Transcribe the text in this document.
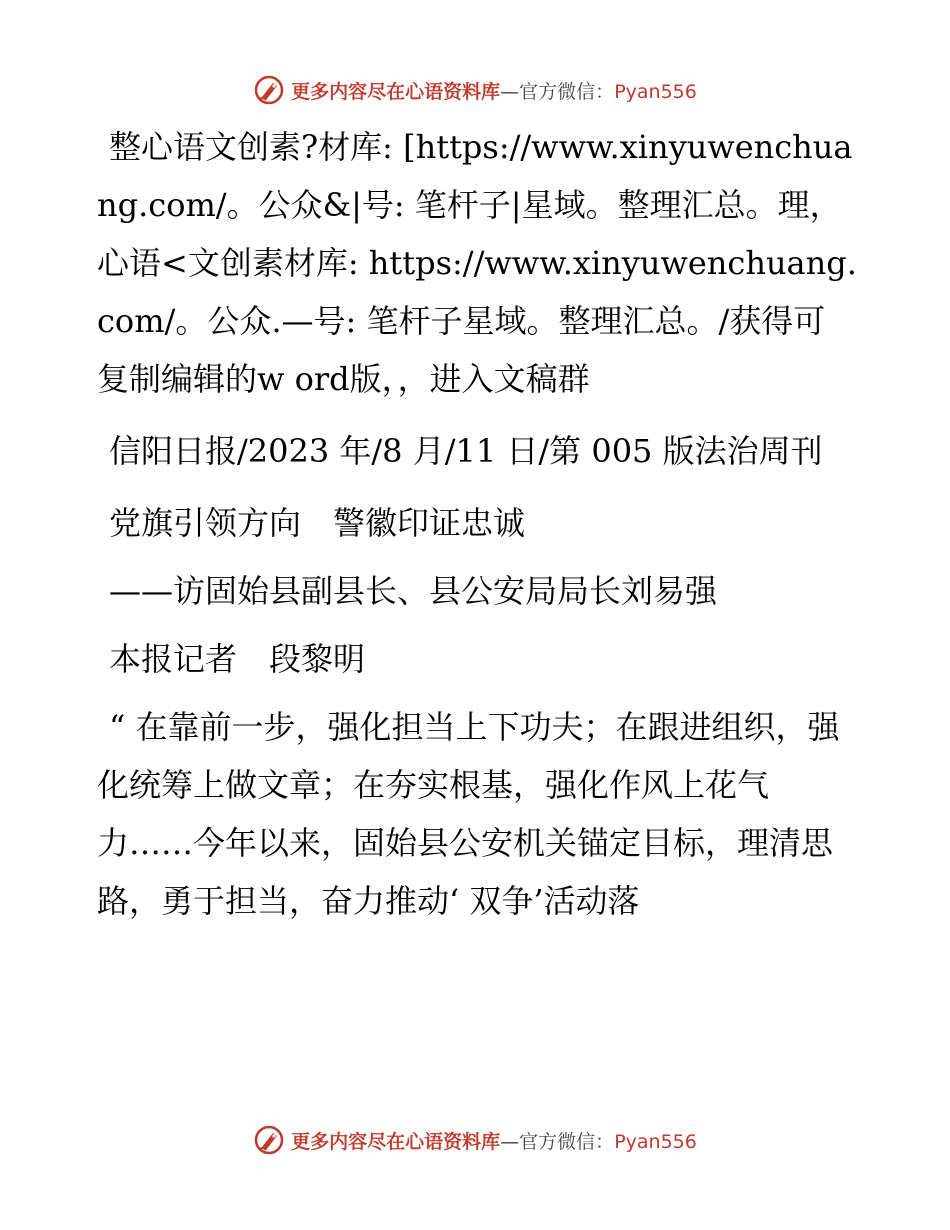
更多内容尽在心语资料库—官方微信：Pyan556

整心语文创素?材库: [https://www.xinyuwenchuang.com/。公众&|号: 笔杆子|星域。整理汇总。理，心语<文创素材库: https://www.xinyuwenchuang.com/。公众.—号: 笔杆子星域。整理汇总。/获得可复制编辑的w ord版，，进入文稿群

信阳日报/2023 年/8 月/11 日/第 005 版法治周刊

党旗引领方向　警徽印证忠诚

——访固始县副县长、县公安局局长刘易强

本报记者　段黎明

“ 在靠前一步，强化担当上下功夫；在跟进组织，强化统筹上做文章；在夯实根基，强化作风上花气力……今年以来，固始县公安机关锚定目标，理清思路，勇于担当，奋力推动‘ 双争’活动落

更多内容尽在心语资料库—官方微信：Pyan556
